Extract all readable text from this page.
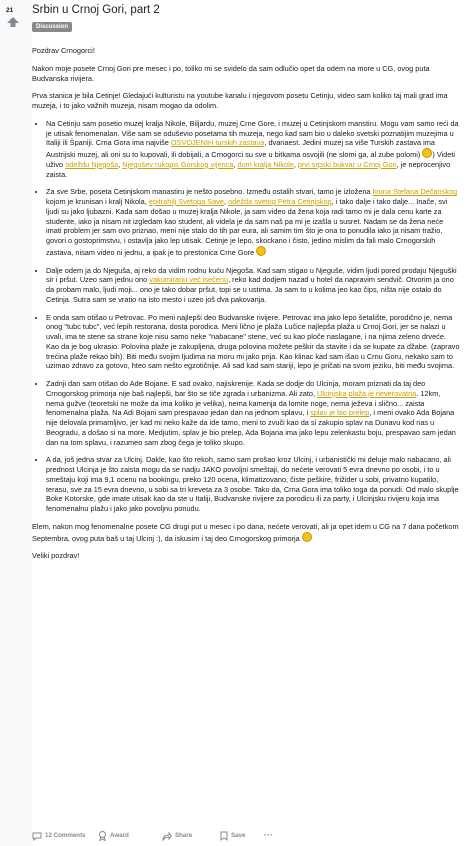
21 Srbin u Crnoj Gori, part 2
Discussion

Pozdrav Crnogorci!

Nakon moje posete Crnoj Gori pre mesec i po, toliko mi se svidelo da sam odlučio opet da odem na more u CG, ovog puta Budvanska rivijera.

Prva stanica je bila Cetinje! Gledajući kulturistu na youtube kanalu i njegovom posetu Cetinju, video sam koliko taj mali grad ima muzeja, i to jako važnih muzeja, nisam mogao da odolim.

• Na Cetinju sam posetio muzej kralja Nikole, Biljardu, muzej Crne Gore, i muzej u Cetinjskom manstiru. Mogu vam samo reći da je utisak fenomenalan. Više sam se oduševio posetama tih muzeja, nego kad sam bio u daleko svetski poznatijim muzejima u Italiji ili Španiji. Crna Gora ima najviše OSVOJENIH turskih zastava, dvanaest. Jedini muzej sa više Turskih zastava ima Austrijski muzej, ali oni su to kupovali, ili dobijali, a Crnogorci su sve u bitkama osvojili (ne slomi ga, al zube polomi) ) Videti uživo odeždu Njegoša, Njegošev rukopis Gorskog vijenca, dom kralja Nikole, prvi srpski bukvar u Crnoj Gori, je neprocenjivo zaista.
• Za sve Srbe, poseta Cetinjskom manastiru je nešto posebno. Između ostalih stvari, tamo je izložena kruna Stefana Dečanskog kojom je krunisan i kralj Nikola, epitrahilj Svetoga Save, odežda svetog Petra Cetinjskog, i tako dalje i tako dalje... Inače, svi ljudi su jako ljubazni. Kada sam došao u muzej kralja Nikole, ja sam video da žena koja radi tamo mi je dala cenu karte za studente, iako ja nisam nit izgledam kao student, ali videla je da sam naš pa mi je izašla u susret. Nadam se da žena neće imati problem jer sam ovo priznao, meni nije stalo do tih par eura, ali samim tim što je ona to ponudila iako ja nisam tražio, govori o gostoprimstvu, i ostavlja jako lep utisak. Cetinje je lepo, skockano i čisto, jedino mislim da fali malo Crnogorskih zastava, nisam video ni jednu, a ipak je to prestonica Crne Gore
• Dalje odem ja do Njeguša, aj reko da vidim rodnu kuću Njegoša. Kad sam stigao u Njeguše, vidim ljudi pored prodaju Njeguški sir i pršut. Uzeo sam jednu ono vakumiranu već isečenu, reko kad dodjem nazad u hotel da napravim sendvič. Otvorim ja ono da probam malo, ljudi moji... ono je tako dobar pršut, topi se u ustima. Ja sam to u kolima jeo kao čips, ništa nije ostalo do Cetinja. Sutra sam se vratio na isto mesto i uzeo još dva pakovanja.
• E onda sam otišao u Petrovac. Po meni najlepši deo Budvanske rivijere. Petrovac ima jako lepo šetalište, porodično je, nema onog "tubc tubc", već lepih restorana, dosta porodica. Meni lično je plaža Lučice najlepša plaža u Crnoj Gori, jer se nalazi u uvali, ima te stene sa strane koje nisu samo neke "nabacane" stene, već su kao pločе naslagane, i na njima zeleno drveće. Kao da je bog ukrasio. Polovina plaže je zakupljena, druga polovina možete peškir da stavite i da se kupate za džabe. (zapravo trećina plaže rekao bih). Biti među svojim ljudima na moru mi jako prija. Kao klinac kad sam išao u Crnu Goru, nekako sam to uzimao zdravo za gotovo, hteo sam nešto egzotičnije. Ali sad kad sam stariji, lepo je pričati na svom jeziku, biti među svojima.
• Zadnji dan sam otišao do Ade Bojane. E sad ovako, najiskrenije. Kada se dodje do Ulcinja, moram priznati da taj deo Crnogorskog primorja nije baš najlepši, bar što se tiče zgrada i urbanizma. Ali zato, Ulcinjska plaža je neverovatna. 12km, nema gužve (teoretski ne može da ima koliko je velika), nema kamenja da lomite noge, nema ježeva i slično... zaista fenomenalna plaža. Na Adi Bojani sam prespavao jedan dan na jednom splavu, i splav je bio prelep, i meni ovako Ada Bojana nije delovala primamljivo, jer kad mi neko kaže da ide tamo, meni to zvuči kao da si zakupio splav na Dunavu kod nas u Beogradu, a došao si na more. Medjutim, splav je bio prelep, Ada Bojana ima jako lepu zelenkastu boju, prespavao sam jedan dan na tom splavu, i razumeo sam zbog čega je toliko skupo.
• A da, još jedna stvar za Ulcinj. Dakle, kao što rekoh, samo sam prošao kroz Ulcinj, i urbanistički mi deluje malo nabacano, ali prednost Ulcinja je što zaista mogu da se nadju JAKO povoljni smeštaji, do nećete verovati 5 evra dnevno po osobi, i to u smeštaju koji ima 9,1 ocenu na bookingu, preko 120 ocena, klimatizovano, čiste peškire, frižider u sobi, privatno kupatilo, terasu, sve za 15 evra dnevno, u sobi sa tri kreveta za 3 osobe. Tako da, Crna Gora ima toliko toga da ponudi. Od malo skuplje Boke Kotorske, gde imate utisak kao da ste u Italiji, Budvanske rivijere za porodicu ili za party, i Ulcinjsku rivijeru koja ima fenomenalnu plažu i jako jako povoljnu ponudu.

Elem, nakon mog fenomenalne posete CG drugi put u mesec i po dana, nećete verovati, ali ja opet idem u CG na 7 dana početkom Septembra, ovog puta baš u taj Ulcinj :), da iskusim i taj deo Crnogorskog primorja

Veliki pozdrav!

12 Comments	Award	Share	Save ···
